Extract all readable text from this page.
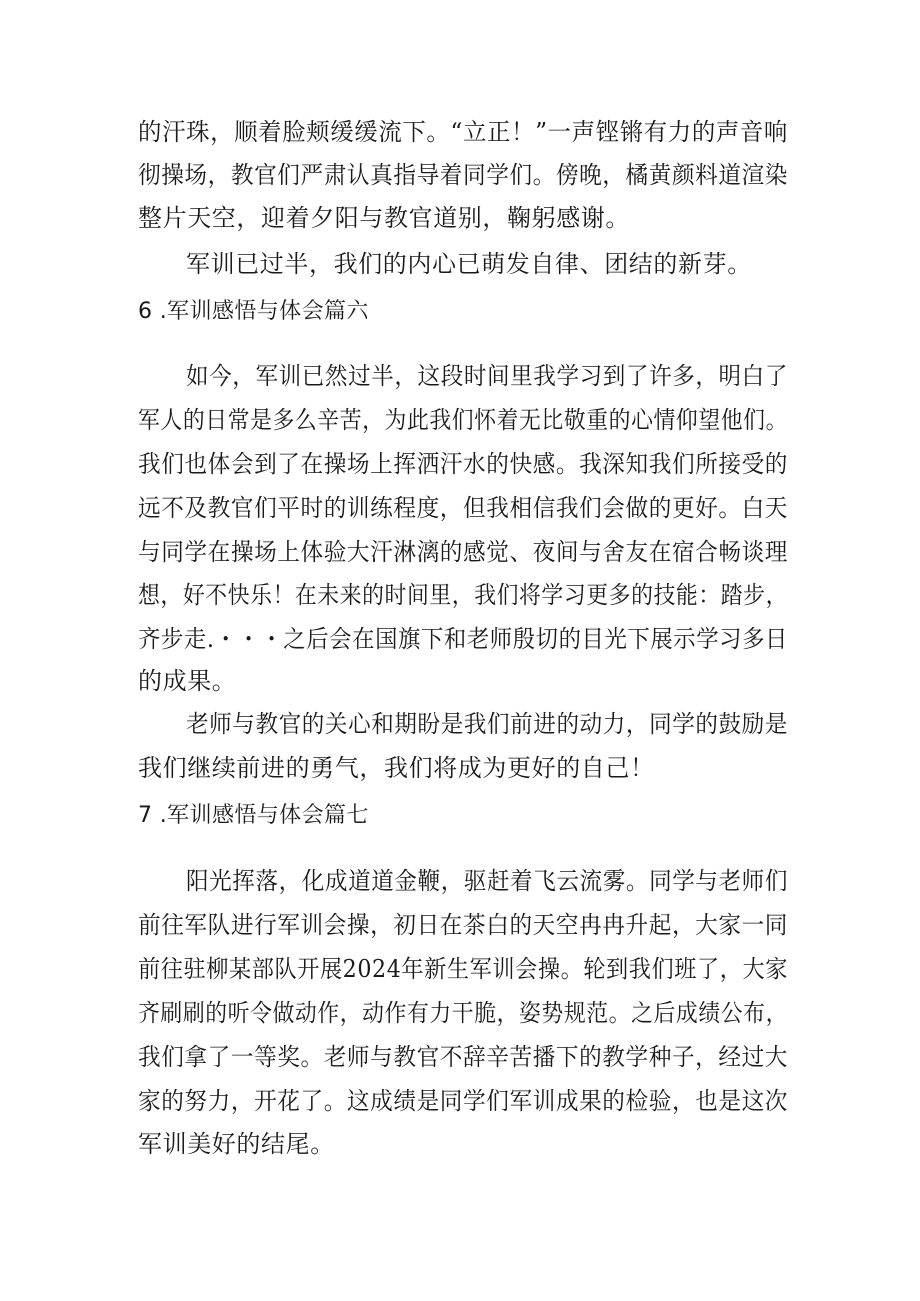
的汗珠，顺着脸颊缓缓流下。“立正！”一声铿锵有力的声音响
彻操场，教官们严肃认真指导着同学们。傍晚，橘黄颜料道渲染
整片天空，迎着夕阳与教官道别，鞠躬感谢。
军训已过半，我们的内心已萌发自律、团结的新芽。
6 .军训感悟与体会篇六
如今，军训已然过半，这段时间里我学习到了许多，明白了
军人的日常是多么辛苦，为此我们怀着无比敬重的心情仰望他们。
我们也体会到了在操场上挥洒汗水的快感。我深知我们所接受的
远不及教官们平时的训练程度，但我相信我们会做的更好。白天
与同学在操场上体验大汗淋漓的感觉、夜间与舍友在宿合畅谈理
想，好不快乐！在未来的时间里，我们将学习更多的技能：踏步，
齐步走.・・・之后会在国旗下和老师殷切的目光下展示学习多日
的成果。
老师与教官的关心和期盼是我们前进的动力，同学的鼓励是
我们继续前进的勇气，我们将成为更好的自己！
7 .军训感悟与体会篇七
阳光挥落，化成道道金鞭，驱赶着飞云流雾。同学与老师们
前往军队进行军训会操，初日在茶白的天空冉冉升起，大家一同
前往驻柳某部队开展2024年新生军训会操。轮到我们班了，大家
齐刷刷的听令做动作，动作有力干脆，姿势规范。之后成绩公布，
我们拿了一等奖。老师与教官不辞辛苦播下的教学种子，经过大
家的努力，开花了。这成绩是同学们军训成果的检验，也是这次
军训美好的结尾。
